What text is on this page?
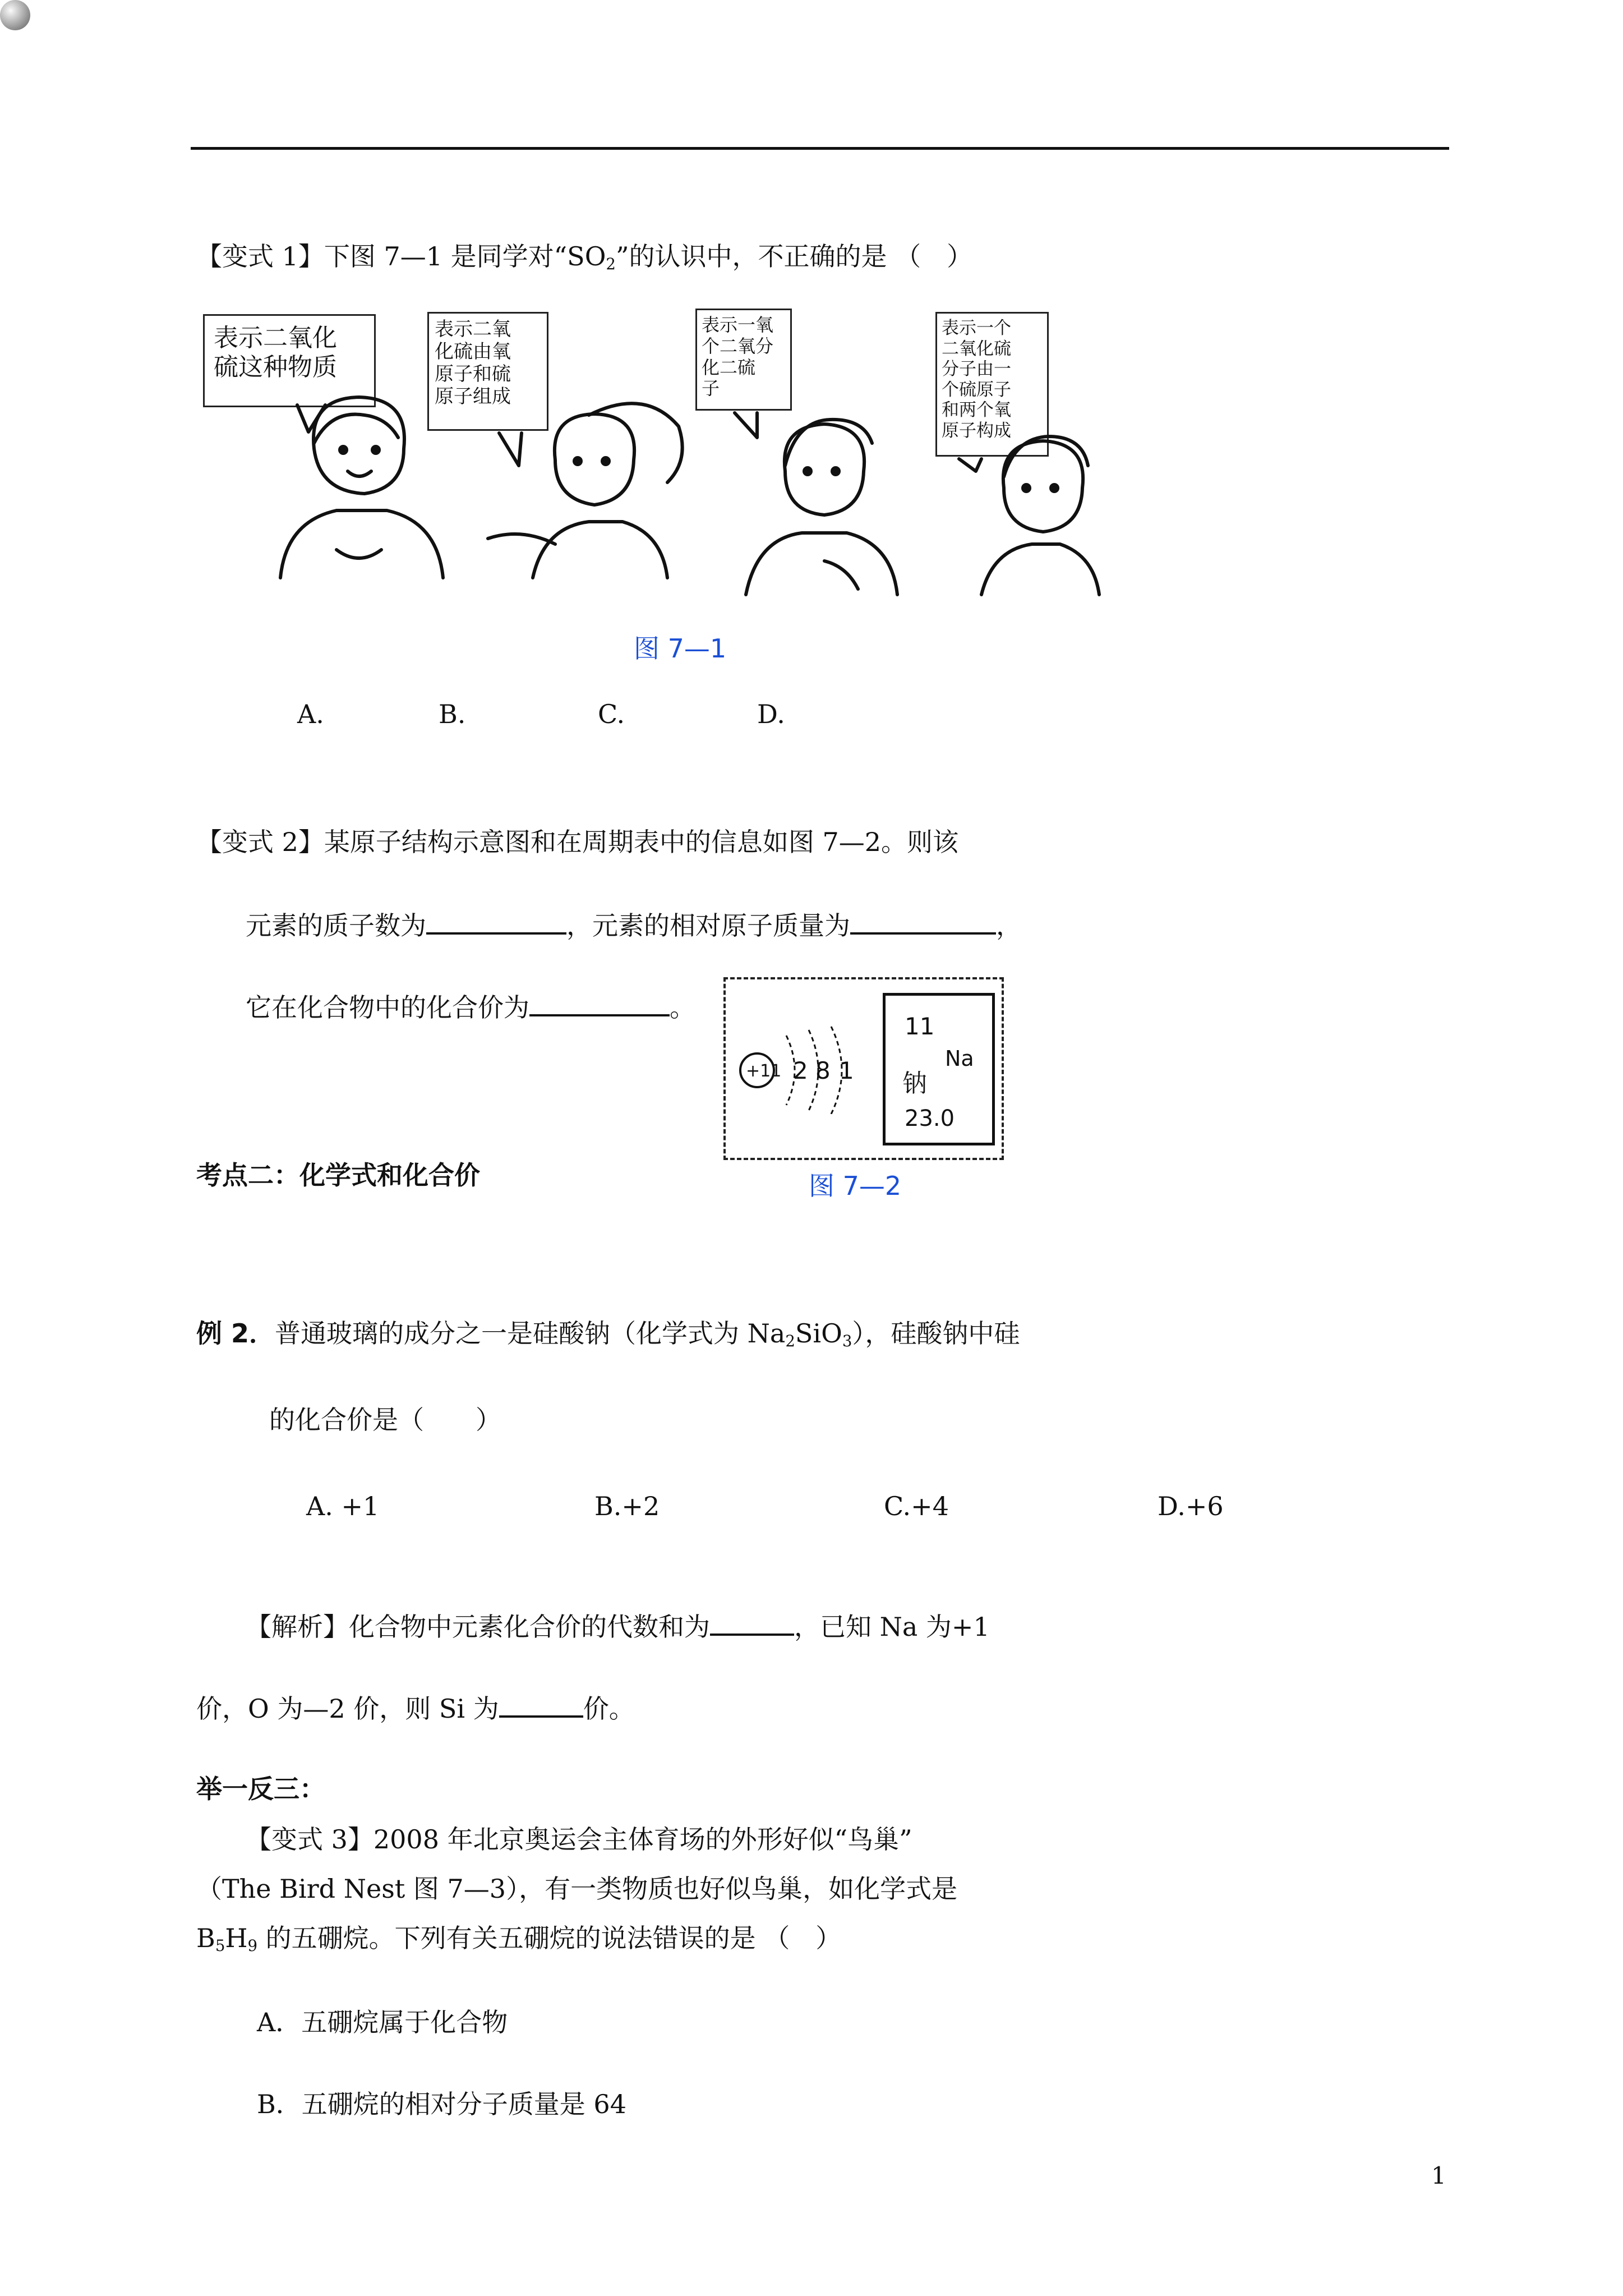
【变式 1】下图 7—1 是同学对“$SO_2$”的认识中，不正确的是 （　）
表示二氧化
硫这种物质
表示二氧
化硫由氧
原子和硫
原子组成
表示一氧
个二氧分
化二硫
子
表示一个
二氧化硫
分子由一
个硫原子
和两个氧
原子构成
图 7—1
A.	B.	C.	D.
【变式 2】某原子结构示意图和在周期表中的信息如图 7—2。则该
元素的质子数为	，元素的相对原子质量为	，
它在化合物中的化合价为	。
+11 2 8 1
11
Na
钠
23.0
图 7—2
考点二：化学式和化合价
例 2．普通玻璃的成分之一是硅酸钠（化学式为 $Na_2SiO_3$），硅酸钠中硅
的化合价是（　　）
A. +1	B.+2	C.+4	D.+6
【解析】化合物中元素化合价的代数和为	，已知 Na 为+1
价，O 为—2 价，则 Si 为	价。
举一反三：
【变式 3】2008 年北京奥运会主体育场的外形好似“鸟巢”
（The Bird Nest 图 7—3），有一类物质也好似鸟巢，如化学式是
$B_5H_9$ 的五硼烷。下列有关五硼烷的说法错误的是 （　）
A．五硼烷属于化合物
B．五硼烷的相对分子质量是 64
1
